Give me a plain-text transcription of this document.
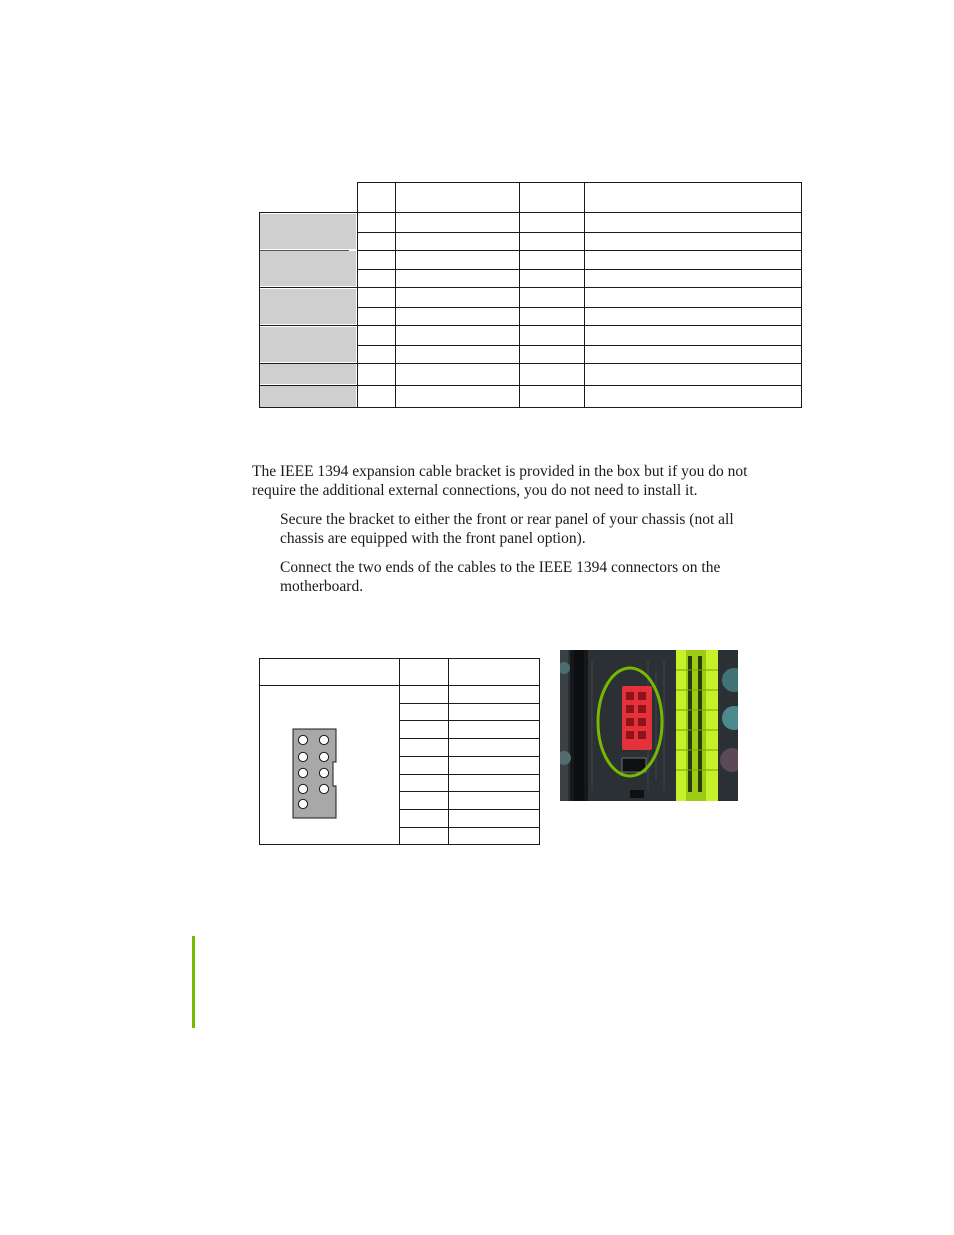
The IEEE 1394 expansion cable bracket is provided in the box but if you do not require the additional external connections, you do not need to install it.

Secure the bracket to either the front or rear panel of your chassis (not all chassis are equipped with the front panel option).

Connect the two ends of the cables to the IEEE 1394 connectors on the motherboard.
